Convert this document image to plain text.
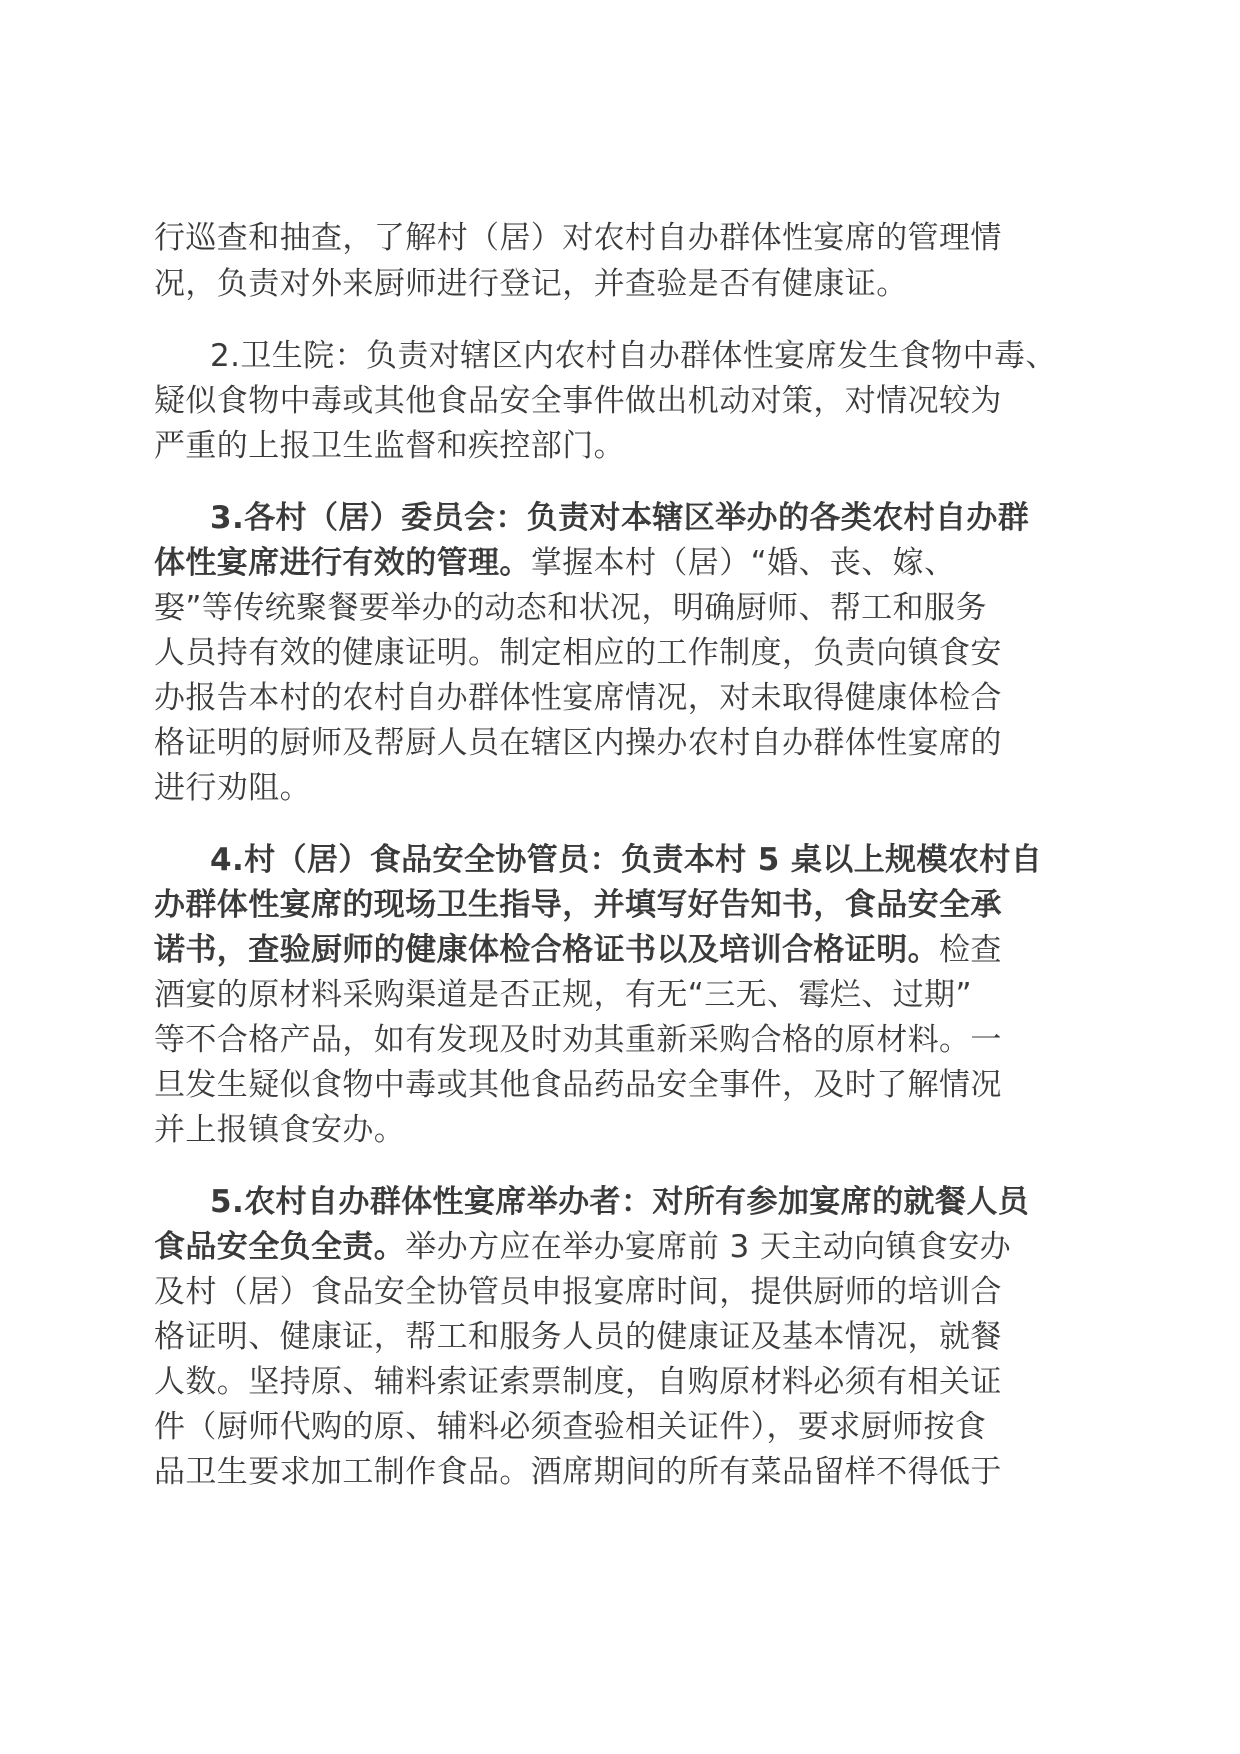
行巡查和抽查，了解村（居）对农村自办群体性宴席的管理情
况，负责对外来厨师进行登记，并查验是否有健康证。
2.卫生院：负责对辖区内农村自办群体性宴席发生食物中毒、
疑似食物中毒或其他食品安全事件做出机动对策，对情况较为
严重的上报卫生监督和疾控部门。
3.各村（居）委员会：负责对本辖区举办的各类农村自办群
体性宴席进行有效的管理。掌握本村（居）“婚、丧、嫁、
娶”等传统聚餐要举办的动态和状况，明确厨师、帮工和服务
人员持有效的健康证明。制定相应的工作制度，负责向镇食安
办报告本村的农村自办群体性宴席情况，对未取得健康体检合
格证明的厨师及帮厨人员在辖区内操办农村自办群体性宴席的
进行劝阻。
4.村（居）食品安全协管员：负责本村 5 桌以上规模农村自
办群体性宴席的现场卫生指导，并填写好告知书，食品安全承
诺书，查验厨师的健康体检合格证书以及培训合格证明。检查
酒宴的原材料采购渠道是否正规，有无“三无、霉烂、过期”
等不合格产品，如有发现及时劝其重新采购合格的原材料。一
旦发生疑似食物中毒或其他食品药品安全事件，及时了解情况
并上报镇食安办。
5.农村自办群体性宴席举办者：对所有参加宴席的就餐人员
食品安全负全责。举办方应在举办宴席前 3 天主动向镇食安办
及村（居）食品安全协管员申报宴席时间，提供厨师的培训合
格证明、健康证，帮工和服务人员的健康证及基本情况，就餐
人数。坚持原、辅料索证索票制度，自购原材料必须有相关证
件（厨师代购的原、辅料必须查验相关证件），要求厨师按食
品卫生要求加工制作食品。酒席期间的所有菜品留样不得低于
